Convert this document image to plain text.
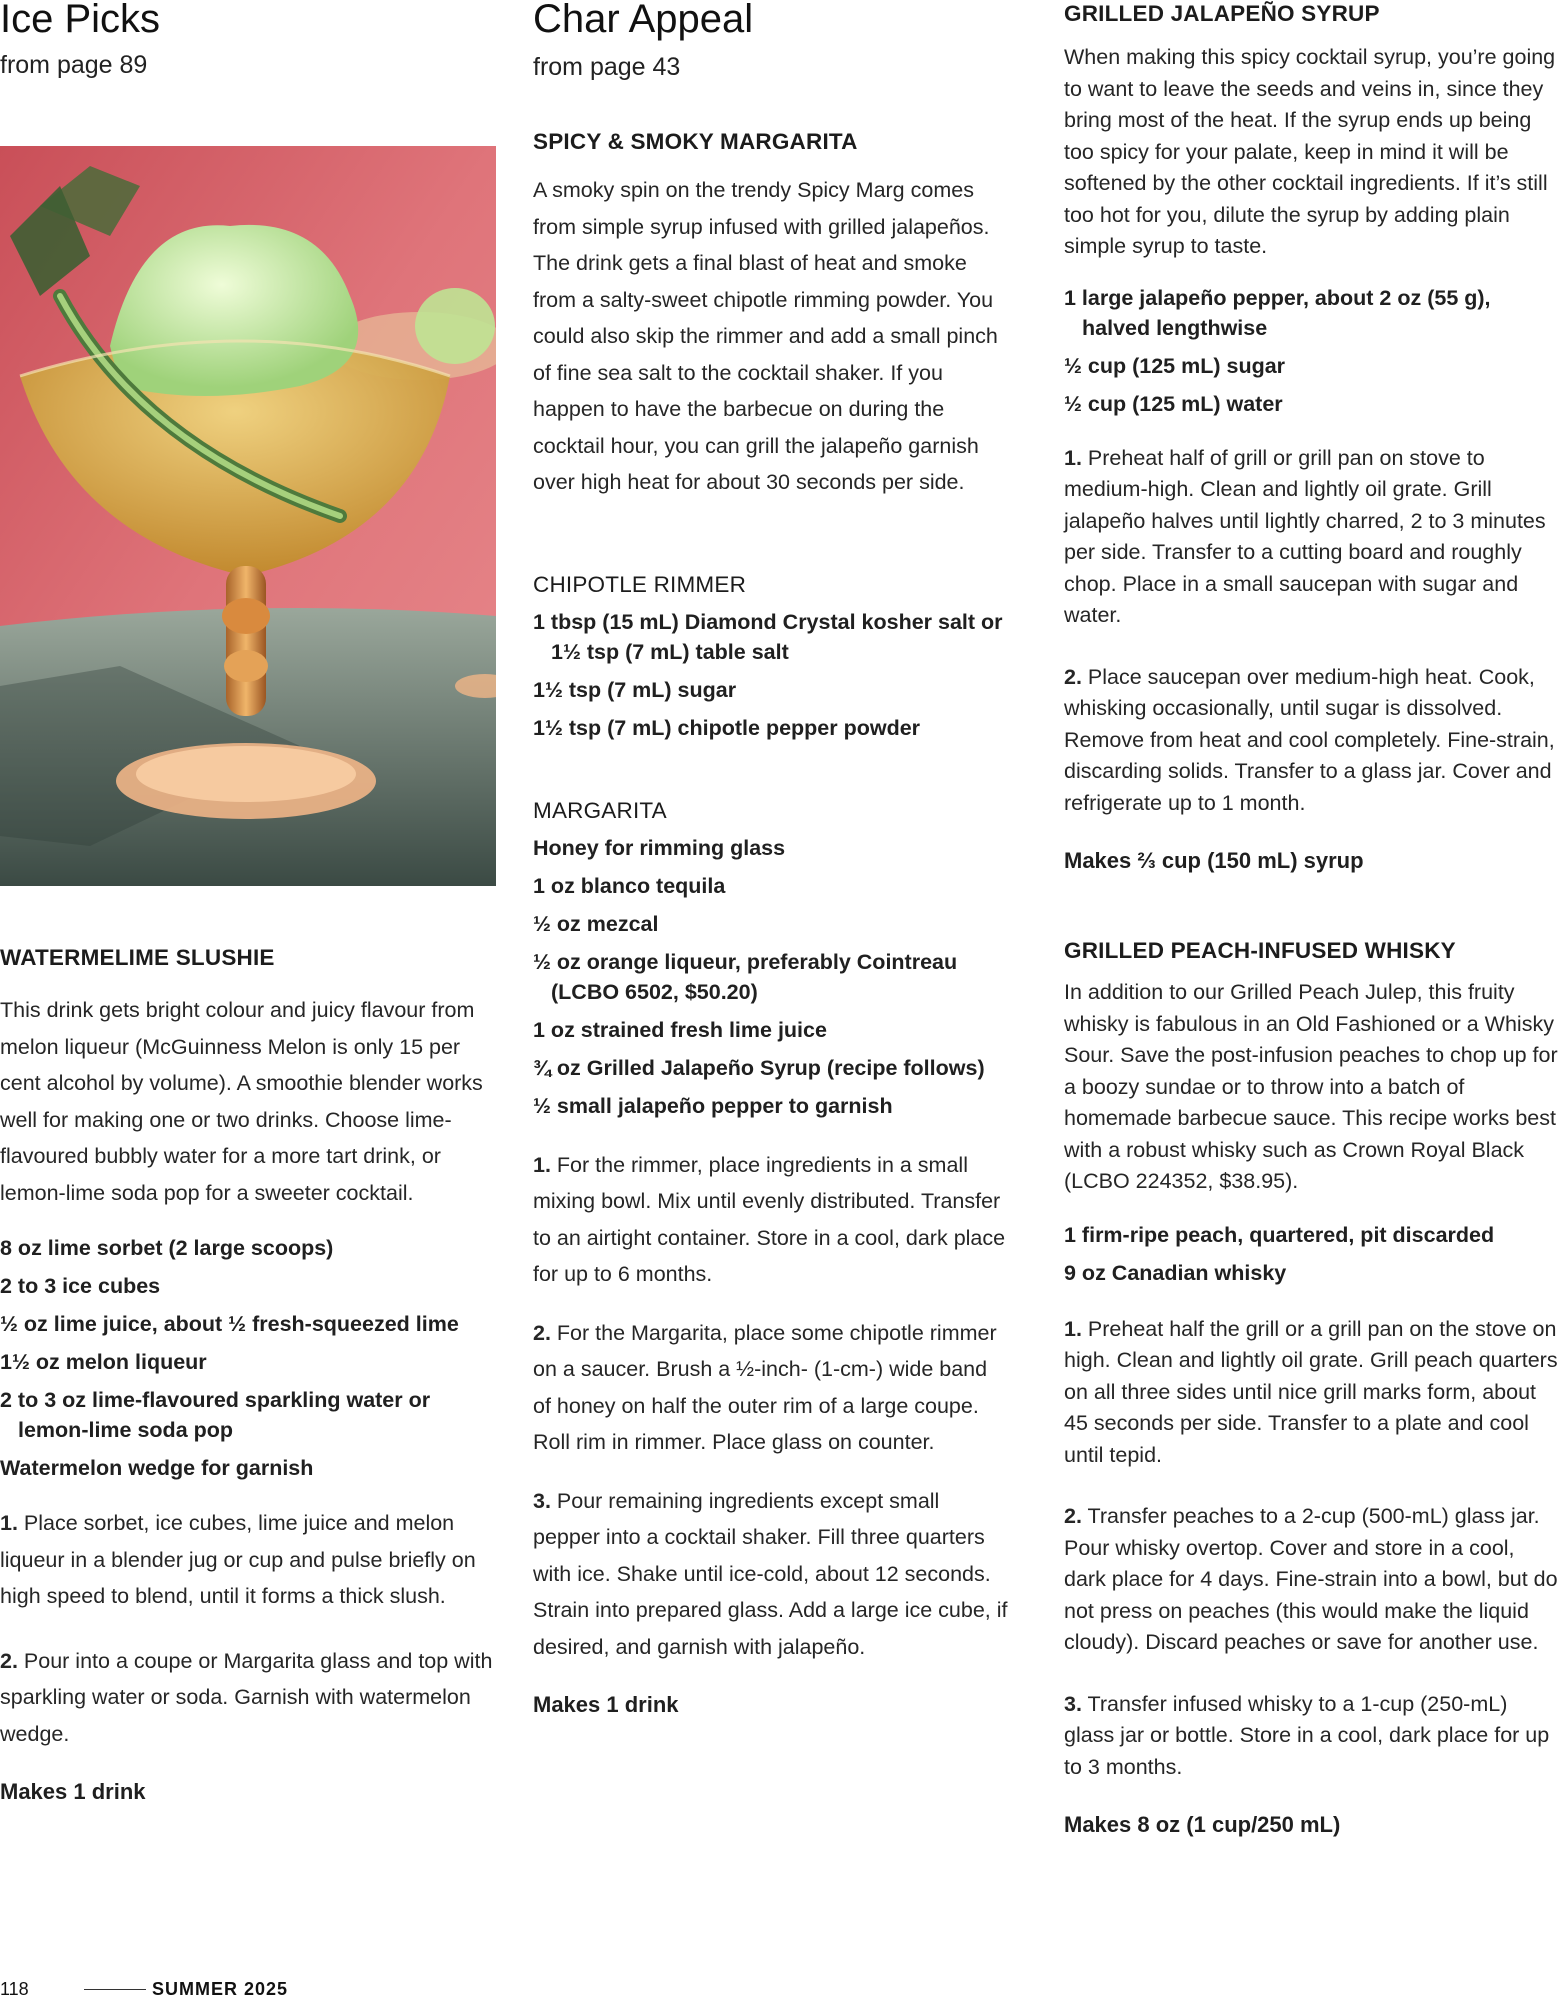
Ice Picks
from page 89
WATERMELIME SLUSHIE
This drink gets bright colour and juicy flavour from melon liqueur (McGuinness Melon is only 15 per cent alcohol by volume). A smoothie blender works well for making one or two drinks. Choose lime-flavoured bubbly water for a more tart drink, or lemon-lime soda pop for a sweeter cocktail.
8 oz lime sorbet (2 large scoops)
2 to 3 ice cubes
½ oz lime juice, about ½ fresh-squeezed lime
1½ oz melon liqueur
2 to 3 oz lime-flavoured sparkling water or lemon-lime soda pop
Watermelon wedge for garnish

1. Place sorbet, ice cubes, lime juice and melon liqueur in a blender jug or cup and pulse briefly on high speed to blend, until it forms a thick slush.

2. Pour into a coupe or Margarita glass and top with sparkling water or soda. Garnish with watermelon wedge.

Makes 1 drink
Char Appeal
from page 43
SPICY & SMOKY MARGARITA
A smoky spin on the trendy Spicy Marg comes from simple syrup infused with grilled jalapeños. The drink gets a final blast of heat and smoke from a salty-sweet chipotle rimming powder. You could also skip the rimmer and add a small pinch of fine sea salt to the cocktail shaker. If you happen to have the barbecue on during the cocktail hour, you can grill the jalapeño garnish over high heat for about 30 seconds per side.
CHIPOTLE RIMMER
1 tbsp (15 mL) Diamond Crystal kosher salt or 1½ tsp (7 mL) table salt
1½ tsp (7 mL) sugar
1½ tsp (7 mL) chipotle pepper powder
MARGARITA
Honey for rimming glass
1 oz blanco tequila
½ oz mezcal
½ oz orange liqueur, preferably Cointreau (LCBO 6502, $50.20)
1 oz strained fresh lime juice
¾ oz Grilled Jalapeño Syrup (recipe follows)
½ small jalapeño pepper to garnish

1. For the rimmer, place ingredients in a small mixing bowl. Mix until evenly distributed. Transfer to an airtight container. Store in a cool, dark place for up to 6 months.

2. For the Margarita, place some chipotle rimmer on a saucer. Brush a ½-inch- (1-cm-) wide band of honey on half the outer rim of a large coupe. Roll rim in rimmer. Place glass on counter.

3. Pour remaining ingredients except small pepper into a cocktail shaker. Fill three quarters with ice. Shake until ice-cold, about 12 seconds. Strain into prepared glass. Add a large ice cube, if desired, and garnish with jalapeño.

Makes 1 drink
GRILLED JALAPEÑO SYRUP
When making this spicy cocktail syrup, you’re going to want to leave the seeds and veins in, since they bring most of the heat. If the syrup ends up being too spicy for your palate, keep in mind it will be softened by the other cocktail ingredients. If it’s still too hot for you, dilute the syrup by adding plain simple syrup to taste.
1 large jalapeño pepper, about 2 oz (55 g), halved lengthwise
½ cup (125 mL) sugar
½ cup (125 mL) water

1. Preheat half of grill or grill pan on stove to medium-high. Clean and lightly oil grate. Grill jalapeño halves until lightly charred, 2 to 3 minutes per side. Transfer to a cutting board and roughly chop. Place in a small saucepan with sugar and water.

2. Place saucepan over medium-high heat. Cook, whisking occasionally, until sugar is dissolved. Remove from heat and cool completely. Fine-strain, discarding solids. Transfer to a glass jar. Cover and refrigerate up to 1 month.

Makes ⅔ cup (150 mL) syrup
GRILLED PEACH-INFUSED WHISKY
In addition to our Grilled Peach Julep, this fruity whisky is fabulous in an Old Fashioned or a Whisky Sour. Save the post-infusion peaches to chop up for a boozy sundae or to throw into a batch of homemade barbecue sauce. This recipe works best with a robust whisky such as Crown Royal Black (LCBO 224352, $38.95).
1 firm-ripe peach, quartered, pit discarded
9 oz Canadian whisky

1. Preheat half the grill or a grill pan on the stove on high. Clean and lightly oil grate. Grill peach quarters on all three sides until nice grill marks form, about 45 seconds per side. Transfer to a plate and cool until tepid.

2. Transfer peaches to a 2-cup (500-mL) glass jar. Pour whisky overtop. Cover and store in a cool, dark place for 4 days. Fine-strain into a bowl, but do not press on peaches (this would make the liquid cloudy). Discard peaches or save for another use.

3. Transfer infused whisky to a 1-cup (250-mL) glass jar or bottle. Store in a cool, dark place for up to 3 months.

Makes 8 oz (1 cup/250 mL)
118	SUMMER 2025
